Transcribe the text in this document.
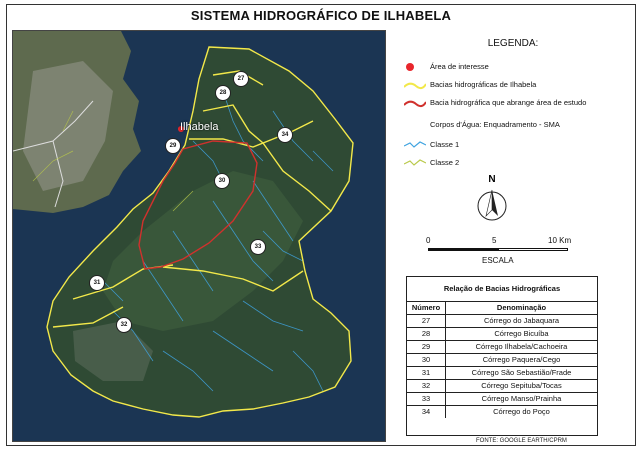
SISTEMA HIDROGRÁFICO DE ILHABELA
Ilhabela
27
28
29
30
31
32
33
34
LEGENDA:
Área de interesse
Bacias hidrográficas de Ilhabela
Bacia hidrográfica que abrange área de estudo
Corpos d'Água: Enquadramento - SMA
Classe 1
Classe 2
N
0	5	10 Km
ESCALA
Relação de Bacias Hidrográficas
Número	Denominação
27	Córrego do Jabaquara
28	Córrego Bicuíba
29	Córrego Ilhabela/Cachoeira
30	Córrego Paquera/Cego
31	Córrego São Sebastião/Frade
32	Córrego Sepituba/Tocas
33	Córrego Manso/Prainha
34	Córrego do Poço
FONTE: GOOGLE EARTH/CPRM
